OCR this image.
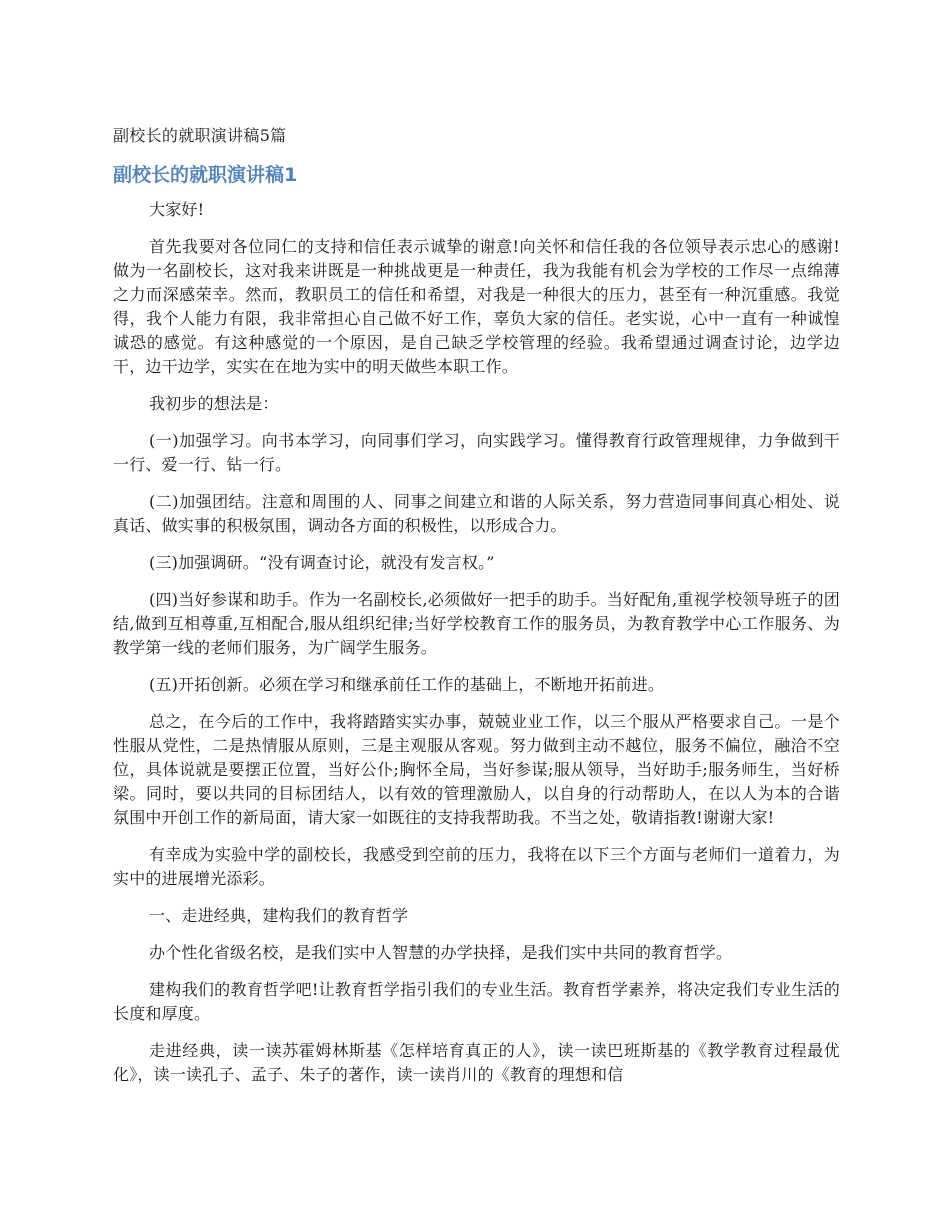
副校长的就职演讲稿5篇
副校长的就职演讲稿1

大家好!

首先我要对各位同仁的支持和信任表示诚挚的谢意!向关怀和信任我的各位领导表示忠心的感谢!做为一名副校长，这对我来讲既是一种挑战更是一种责任，我为我能有机会为学校的工作尽一点绵薄之力而深感荣幸。然而，教职员工的信任和希望，对我是一种很大的压力，甚至有一种沉重感。我觉得，我个人能力有限，我非常担心自己做不好工作，辜负大家的信任。老实说，心中一直有一种诚惶诚恐的感觉。有这种感觉的一个原因，是自己缺乏学校管理的经验。我希望通过调查讨论，边学边干，边干边学，实实在在地为实中的明天做些本职工作。

我初步的想法是：

(一)加强学习。向书本学习，向同事们学习，向实践学习。懂得教育行政管理规律，力争做到干一行、爱一行、钻一行。

(二)加强团结。注意和周围的人、同事之间建立和谐的人际关系，努力营造同事间真心相处、说真话、做实事的积极氛围，调动各方面的积极性，以形成合力。

(三)加强调研。“没有调查讨论，就没有发言权。”

(四)当好参谋和助手。作为一名副校长,必须做好一把手的助手。当好配角,重视学校领导班子的团结,做到互相尊重,互相配合,服从组织纪律;当好学校教育工作的服务员，为教育教学中心工作服务、为教学第一线的老师们服务，为广阔学生服务。

(五)开拓创新。必须在学习和继承前任工作的基础上，不断地开拓前进。

总之，在今后的工作中，我将踏踏实实办事，兢兢业业工作，以三个服从严格要求自己。一是个性服从党性，二是热情服从原则，三是主观服从客观。努力做到主动不越位，服务不偏位，融洽不空位，具体说就是要摆正位置，当好公仆;胸怀全局，当好参谋;服从领导，当好助手;服务师生，当好桥梁。同时，要以共同的目标团结人，以有效的管理激励人，以自身的行动帮助人，在以人为本的合谐氛围中开创工作的新局面，请大家一如既往的支持我帮助我。不当之处，敬请指教!谢谢大家!

有幸成为实验中学的副校长，我感受到空前的压力，我将在以下三个方面与老师们一道着力，为实中的进展增光添彩。

一、走进经典，建构我们的教育哲学

办个性化省级名校，是我们实中人智慧的办学抉择，是我们实中共同的教育哲学。

建构我们的教育哲学吧!让教育哲学指引我们的专业生活。教育哲学素养，将决定我们专业生活的长度和厚度。

走进经典，读一读苏霍姆林斯基《怎样培育真正的人》，读一读巴班斯基的《教学教育过程最优化》，读一读孔子、孟子、朱子的著作，读一读肖川的《教育的理想和信
